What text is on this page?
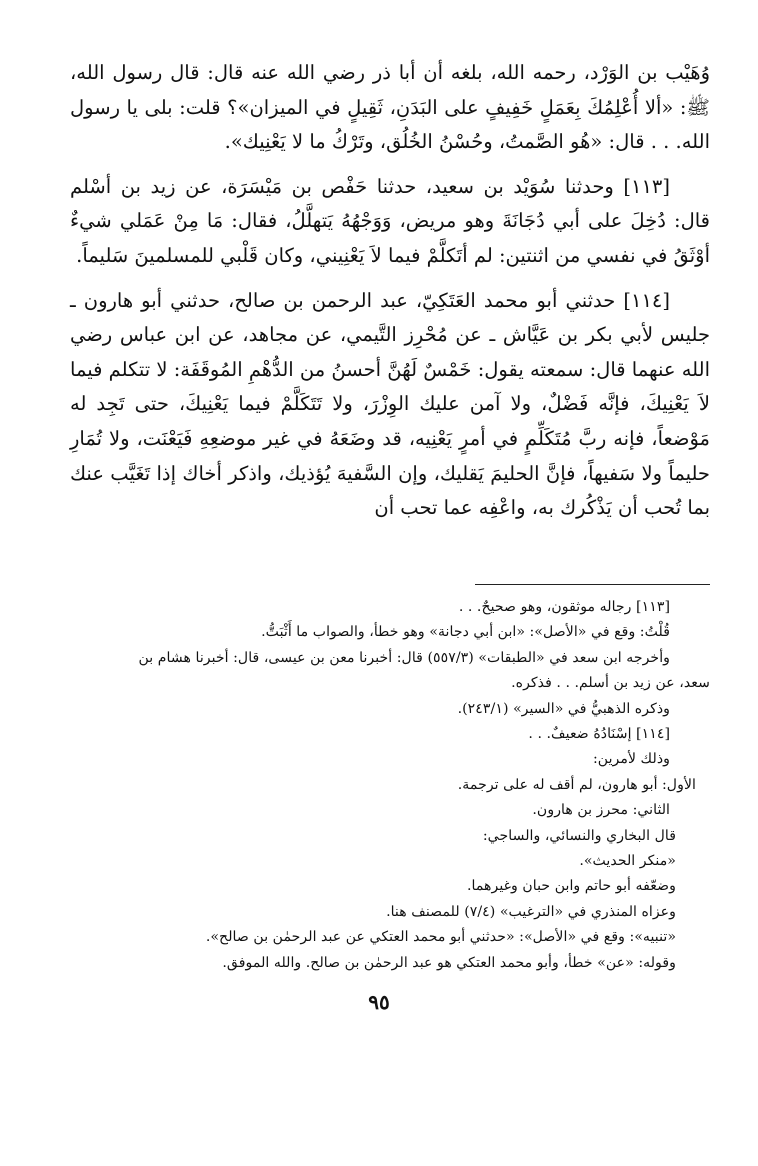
وُهَيْب بن الوَرْد، رحمه الله، بلغه أن أبا ذر رضي الله عنه قال: قال رسول الله، ﷺ: «ألا أُعْلِمُكَ بِعَمَلٍ خَفِيفٍ على البَدَنِ، ثَقِيلٍ في الميزان»؟ قلت: بلى يا رسول الله. . . قال: «هُو الصَّمتُ، وحُسْنُ الخُلُق، وتَرْكُ ما لا يَعْنِيك».

[١١٣] وحدثنا سُوَيْد بن سعيد، حدثنا حَفْص بن مَيْسَرَة، عن زيد بن أسْلم قال: دُخِلَ على أبي دُجَانَةَ وهو مريض، وَوَجْهُهُ يَتهلَّلُ، فقال: مَا مِنْ عَمَلي شيءٌ أوْثَقُ في نفسي من اثنتين: لم أتَكلَّمْ فيما لاَ يَعْنِيني، وكان قَلْبي للمسلمينَ سَليماً.

[١١٤] حدثني أبو محمد العَتَكِيّ، عبد الرحمن بن صالح، حدثني أبو هارون ـ جليس لأبي بكر بن عَيَّاش ـ عن مُحْرِز التَّيمي، عن مجاهد، عن ابن عباس رضي الله عنهما قال: سمعته يقول: خَمْسٌ لَهُنَّ أحسنُ من الدُّهْمِ المُوقَفَة: لا تتكلم فيما لاَ يَعْنِيكَ، فإنَّه فَضْلٌ، ولا آمن عليك الوِزْرَ، ولا تَتَكَلَّمْ فيما يَعْنِيكَ، حتى تَجِد له مَوْضعاً، فإنه ربَّ مُتَكَلِّمٍ في أمرٍ يَعْنِيه، قد وضَعَهُ في غير موضعِهِ فَيَعْنَت، ولا تُمَارِ حليماً ولا سَفيهاً، فإنَّ الحليمَ يَقليك، وإن السَّفيهَ يُؤذيك، واذكر أخاك إذا تَغَيَّب عنك بما تُحب أن يَذْكُرك به، واعْفِه عما تحب أن

[١١٣] رجاله موثقون، وهو صحيحٌ. . .
قُلْتُ: وقع في «الأصل»: «ابن أبي دجانة» وهو خطأ، والصواب ما أَثْبَتُّ.
وأخرجه ابن سعد في «الطبقات» (٥٥٧/٣) قال: أخبرنا معن بن عيسى، قال: أخبرنا هشام بن
سعد، عن زيد بن أسلم. . . فذكره.
وذكره الذهبيُّ في «السير» (٢٤٣/١).
[١١٤] إسْنَادُهُ ضعيفٌ. . .
وذلك لأمرين:
الأول: أبو هارون، لم أقف له على ترجمة.
الثاني: محرز بن هارون.
قال البخاري والنسائي، والساجي:
«منكر الحديث».
وضعّفه أبو حاتم وابن حبان وغيرهما.
وعزاه المنذري في «الترغيب» (٧/٤) للمصنف هنا.
«تنبيه»: وقع في «الأصل»: «حدثني أبو محمد العتكي عن عبد الرحمٰن بن صالح».
وقوله: «عن» خطأ، وأبو محمد العتكي هو عبد الرحمٰن بن صالح. والله الموفق.
٩٥
